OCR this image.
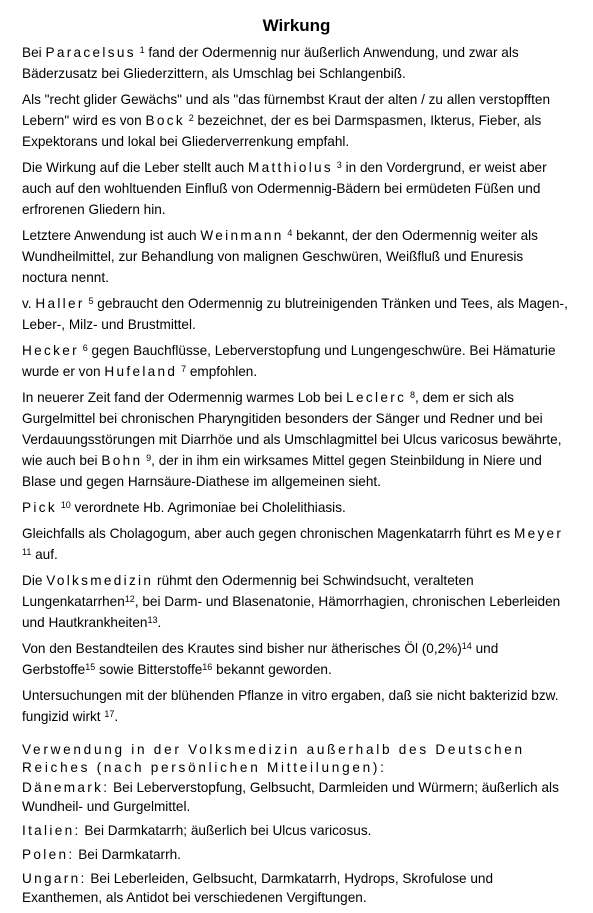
Wirkung

Bei Paracelsus $^1$ fand der Odermennig nur äußerlich Anwendung, und zwar als Bäderzusatz bei Gliederzittern, als Umschlag bei Schlangenbiß.

Als "recht glider Gewächs" und als "das fürnembst Kraut der alten / zu allen verstopfften Lebern" wird es von Bock $^2$ bezeichnet, der es bei Darmspasmen, Ikterus, Fieber, als Expektorans und lokal bei Gliederverrenkung empfahl.

Die Wirkung auf die Leber stellt auch Matthiolus $^3$ in den Vordergrund, er weist aber auch auf den wohltuenden Einfluß von Odermennig-Bädern bei ermüdeten Füßen und erfrorenen Gliedern hin.

Letztere Anwendung ist auch Weinmann $^4$ bekannt, der den Odermennig weiter als Wundheilmittel, zur Behandlung von malignen Geschwüren, Weißfluß und Enuresis noctura nennt.

v. Haller $^5$ gebraucht den Odermennig zu blutreinigenden Tränken und Tees, als Magen-, Leber-, Milz- und Brustmittel.

Hecker $^6$ gegen Bauchflüsse, Leberverstopfung und Lungengeschwüre. Bei Hämaturie wurde er von Hufeland $^7$ empfohlen.

In neuerer Zeit fand der Odermennig warmes Lob bei Leclerc $^8$, dem er sich als Gurgelmittel bei chronischen Pharyngitiden besonders der Sänger und Redner und bei Verdauungsstörungen mit Diarrhöe und als Umschlagmittel bei Ulcus varicosus bewährte, wie auch bei Bohn $^9$, der in ihm ein wirksames Mittel gegen Steinbildung in Niere und Blase und gegen Harnsäure-Diathese im allgemeinen sieht.

Pick $^{10}$ verordnete Hb. Agrimoniae bei Cholelithiasis.

Gleichfalls als Cholagogum, aber auch gegen chronischen Magenkatarrh führt es Meyer $^{11}$ auf.

Die Volksmedizin rühmt den Odermennig bei Schwindsucht, veralteten Lungenkatarrhen$^{12}$, bei Darm- und Blasenatonie, Hämorrhagien, chronischen Leberleiden und Hautkrankheiten$^{13}$.

Von den Bestandteilen des Krautes sind bisher nur ätherisches Öl $(0,2\%)^{14}$ und Gerbstoffe$^{15}$ sowie Bitterstoffe$^{16}$ bekannt geworden.

Untersuchungen mit der blühenden Pflanze in vitro ergaben, daß sie nicht bakterizid bzw. fungizid wirkt $^{17}$.

Verwendung in der Volksmedizin außerhalb des Deutschen Reiches (nach persönlichen Mitteilungen):

Dänemark: Bei Leberverstopfung, Gelbsucht, Darmleiden und Würmern; äußerlich als Wundheil- und Gurgelmittel.

Italien: Bei Darmkatarrh; äußerlich bei Ulcus varicosus.

Polen: Bei Darmkatarrh.

Ungarn: Bei Leberleiden, Gelbsucht, Darmkatarrh, Hydrops, Skrofulose und Exanthemen, als Antidot bei verschiedenen Vergiftungen.
